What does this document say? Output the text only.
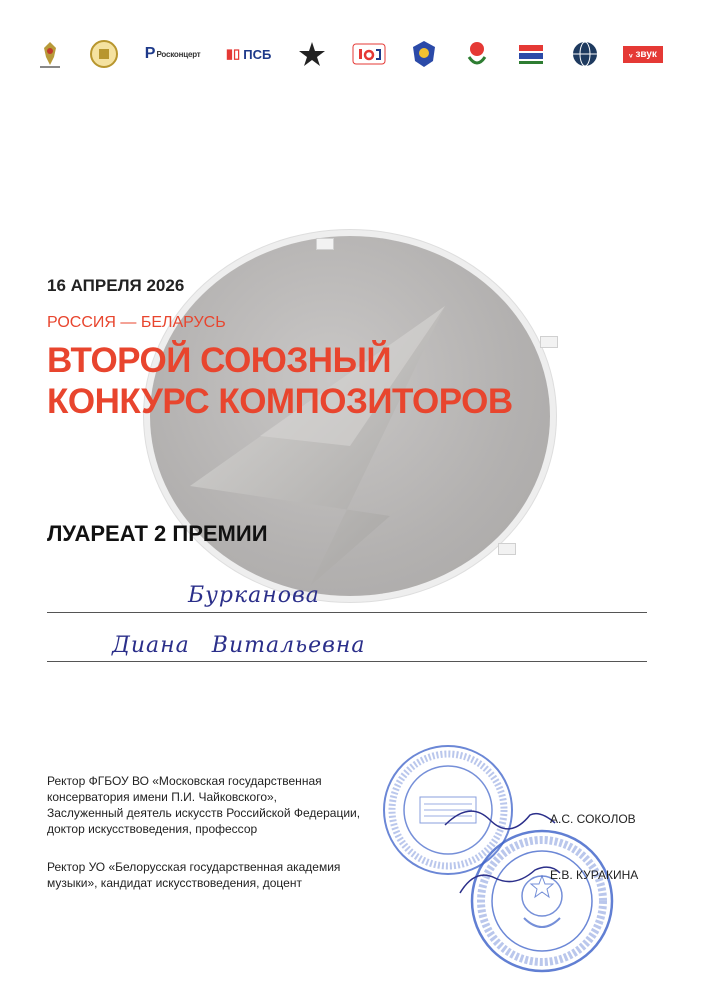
Р Росконцерт ▮▯ ПСБ	ᵥ звук
16 АПРЕЛЯ 2026
РОССИЯ — БЕЛАРУСЬ
ВТОРОЙ СОЮЗНЫЙ
КОНКУРС КОМПОЗИТОРОВ
ЛУАРЕАТ 2 ПРЕМИИ
Бурканова
Диана Витальевна
Ректор ФГБОУ ВО «Московская государственная
консерватория имени П.И. Чайковского»,
Заслуженный деятель искусств Российской Федерации,
доктор искусствоведения, профессор
А.С. СОКОЛОВ
Ректор УО «Белорусская государственная академия
музыки», кандидат искусствоведения, доцент
Е.В. КУРАКИНА
